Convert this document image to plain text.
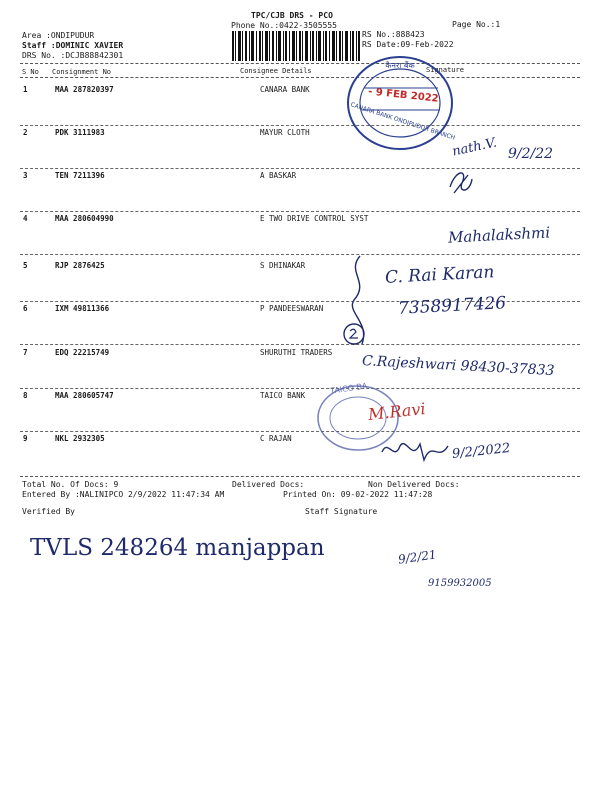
TPC/CJB DRS - PCO
Phone No.:0422-3505555	Page No.:1
Area :ONDIPUDUR
Staff :DOMINIC XAVIER
DRS No. :DCJB88842301
RS No.:888423
RS Date:09-Feb-2022
S No Consignment No	Consignee Details	Signature
1	MAA 287820397	CANARA BANK
2	PDK 3111983	MAYUR CLOTH
3	TEN 7211396	A BASKAR
4	MAA 280604990	E TWO DRIVE CONTROL SYST
5	RJP 2876425	S DHINAKAR
6	IXM 49811366	P PANDEESWARAN
7	EDQ 22215749	SHURUTHI TRADERS
8	MAA 280605747	TAICO BANK
9	NKL 2932305	C RAJAN
Total No. Of Docs: 9	Delivered Docs:	Non Delivered Docs:
Entered By :NALINIPCO 2/9/2022 11:47:34 AM	Printed On: 09-02-2022 11:47:28
Verified By	Staff Signature
कैनरा बैंक
- 9 FEB 2022
CANARA BANK ONDIPUDUR BRANCH
TAICO BA
nath.V. 9/2/22
Mahalakshmi
C. Rai Karan
7358917426
C.Rajeshwari 98430-37833
M.Ravi
9/2/2022
TVLS 248264 manjappan	9/2/21
9159932005
